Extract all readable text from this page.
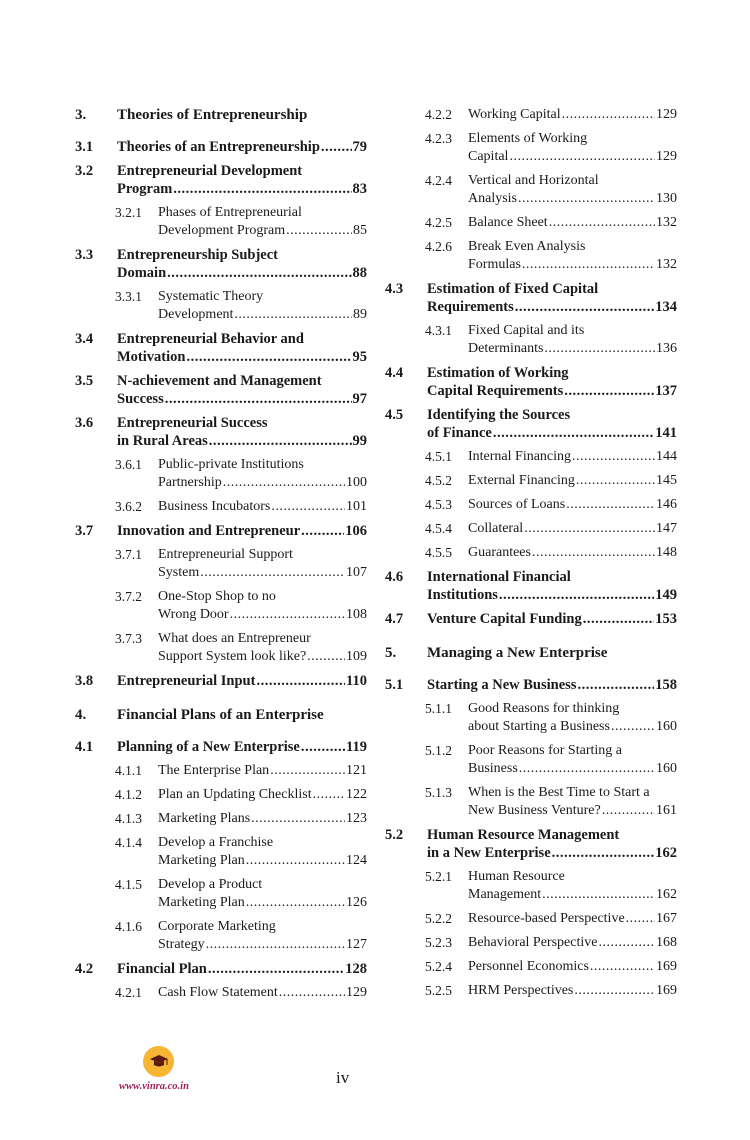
3. Theories of Entrepreneurship
3.1 Theories of an Entrepreneurship ..... 79
3.2 Entrepreneurial Development
Program .....	83
3.2.1 Phases of Entrepreneurial
Development Program .....	85
3.3 Entrepreneurship Subject
Domain .....	88
3.3.1 Systematic Theory
Development .....	89
3.4 Entrepreneurial Behavior and
Motivation .....	95
3.5 N-achievement and Management
Success .....	97
3.6 Entrepreneurial Success
in Rural Areas .....	99
3.6.1 Public-private Institutions
Partnership .....	100
3.6.2 Business Incubators .....	101
3.7 Innovation and Entrepreneur .....	106
3.7.1 Entrepreneurial Support
System .....	107
3.7.2 One-Stop Shop to no
Wrong Door .....	108
3.7.3 What does an Entrepreneur
Support System look like? .....	109
3.8 Entrepreneurial Input .....	110
4. Financial Plans of an Enterprise
4.1 Planning of a New Enterprise .....	119
4.1.1 The Enterprise Plan .....	121
4.1.2 Plan an Updating Checklist ..... 122
4.1.3 Marketing Plans .....	123
4.1.4 Develop a Franchise
Marketing Plan .....	124
4.1.5 Develop a Product
Marketing Plan .....	126
4.1.6 Corporate Marketing
Strategy .....	127
4.2 Financial Plan .....	128
4.2.1 Cash Flow Statement .....	129
4.2.2 Working Capital .....	129
4.2.3 Elements of Working
Capital .....	129
4.2.4 Vertical and Horizontal
Analysis .....	130
4.2.5 Balance Sheet .....	132
4.2.6 Break Even Analysis
Formulas .....	132
4.3 Estimation of Fixed Capital
Requirements .....	134
4.3.1 Fixed Capital and its
Determinants .....	136
4.4 Estimation of Working
Capital Requirements .....	137
4.5 Identifying the Sources
of Finance .....	141
4.5.1 Internal Financing .....	144
4.5.2 External Financing .....	145
4.5.3 Sources of Loans .....	146
4.5.4 Collateral .....	147
4.5.5 Guarantees .....	148
4.6 International Financial
Institutions .....	149
4.7 Venture Capital Funding .....	153
5. Managing a New Enterprise
5.1 Starting a New Business .....	158
5.1.1 Good Reasons for thinking
about Starting a Business .....	160
5.1.2 Poor Reasons for Starting a
Business .....	160
5.1.3 When is the Best Time to Start a
New Business Venture? .....	161
5.2 Human Resource Management
in a New Enterprise .....	162
5.2.1 Human Resource
Management .....	162
5.2.2 Resource-based Perspective ..... 167
5.2.3 Behavioral Perspective .....	168
5.2.4 Personnel Economics .....	169
5.2.5 HRM Perspectives .....	169
www.vinra.co.in	iv
